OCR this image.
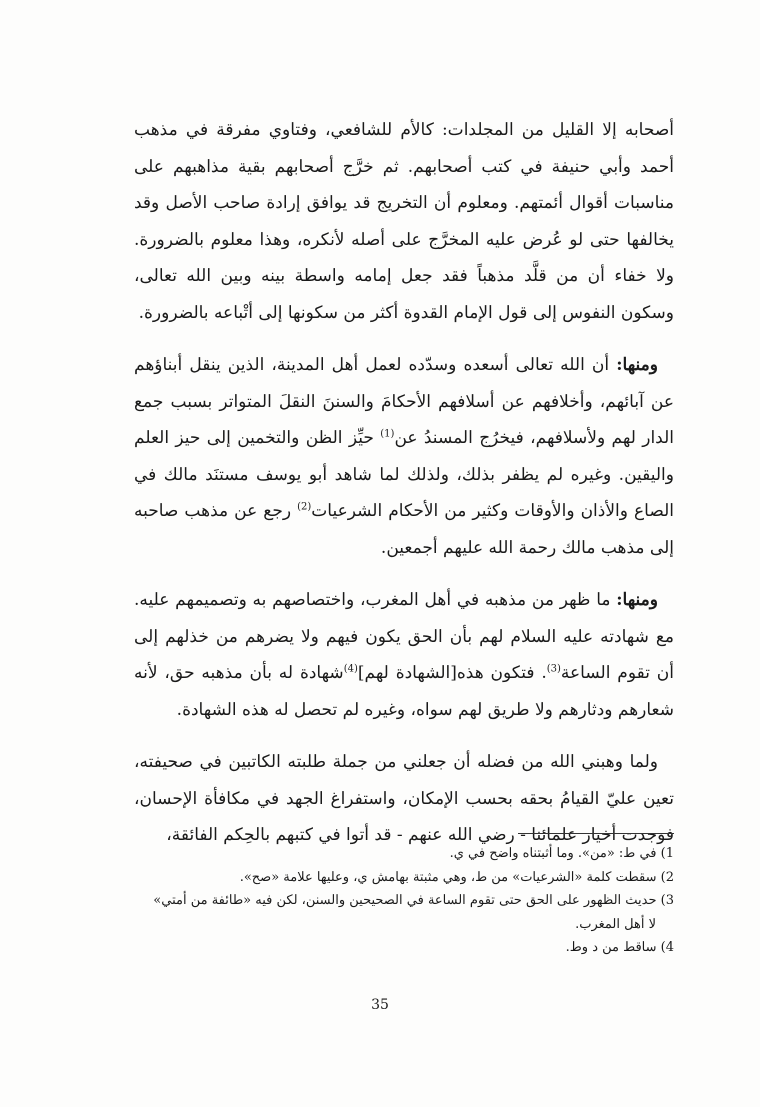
أصحابه إلا القليل من المجلدات: كالأم للشافعي، وفتاوي مفرقة في مذهب أحمد وأبي حنيفة في كتب أصحابهم. ثم خرَّج أصحابهم بقية مذاهبهم على مناسبات أقوال أئمتهم. ومعلوم أن التخريج قد يوافق إرادة صاحب الأصل وقد يخالفها حتى لو عُرض عليه المخرَّج على أصله لأنكره، وهذا معلوم بالضرورة. ولا خفاء أن من قلَّد مذهباً فقد جعل إمامه واسطة بينه وبين الله تعالى، وسكون النفوس إلى قول الإمام القدوة أكثر من سكونها إلى أتْباعه بالضرورة.

ومنها: أن الله تعالى أسعده وسدّده لعمل أهل المدينة، الذين ينقل أبناؤهم عن آبائهم، وأخلافهم عن أسلافهم الأحكامَ والسننَ النقلَ المتواتر بسبب جمع الدار لهم ولأسلافهم، فيخرُج المسندُ عن$^{(1)}$ حيِّز الظن والتخمين إلى حيز العلم واليقين. وغيره لم يظفر بذلك، ولذلك لما شاهد أبو يوسف مستنَد مالك في الصاع والأذان والأوقات وكثير من الأحكام الشرعيات$^{(2)}$ رجع عن مذهب صاحبه إلى مذهب مالك رحمة الله عليهم أجمعين.

ومنها: ما ظهر من مذهبه في أهل المغرب، واختصاصهم به وتصميمهم عليه. مع شهادته عليه السلام لهم بأن الحق يكون فيهم ولا يضرهم من خذلهم إلى أن تقوم الساعة$^{(3)}$. فتكون هذه[الشهادة لهم]$^{(4)}$شهادة له بأن مذهبه حق، لأنه شعارهم ودثارهم ولا طريق لهم سواه، وغيره لم تحصل له هذه الشهادة.

ولما وهبني الله من فضله أن جعلني من جملة طلبته الكاتبين في صحيفته، تعين عليّ القيامُ بحقه بحسب الإمكان، واستفراغ الجهد في مكافأة الإحسان، فوجدت أخيار علمائنا - رضي الله عنهم - قد أتوا في كتبهم بالحِكم الفائقة،

1) في ط: «من». وما أثبتناه واضح في ي.

2) سقطت كلمة «الشرعيات» من ط، وهي مثبتة بهامش ي، وعليها علامة «صح».

3) حديث الظهور على الحق حتى تقوم الساعة في الصحيحين والسنن، لكن فيه «طائفة من أمتي»

لا أهل المغرب.

4) ساقط من د وط.

35
